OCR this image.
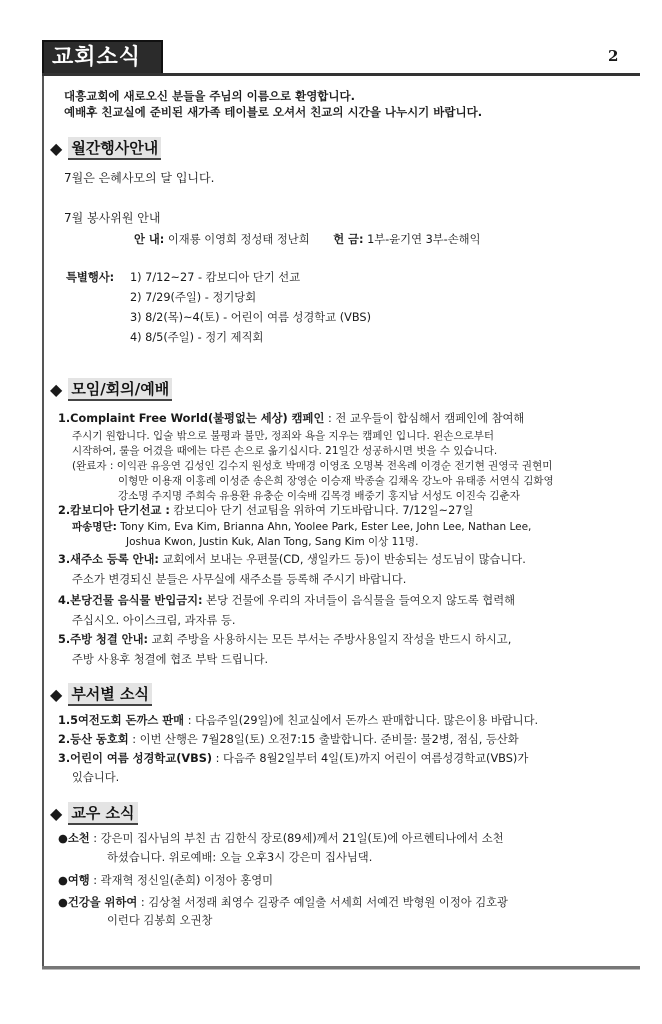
교회소식	2
대흥교회에 새로오신 분들을 주님의 이름으로 환영합니다.
예배후 친교실에 준비된 새가족 테이블로 오셔서 친교의 시간을 나누시기 바랍니다.
◆ 월간행사안내
7월은 은혜사모의 달 입니다.
7월 봉사위원 안내
안 내: 이재룡 이영희 정성태 정난희 헌 금: 1부-윤기연 3부-손해익
특별행사: 1) 7/12~27 - 캄보디아 단기 선교
2) 7/29(주일) - 정기당회
3) 8/2(목)~4(토) - 어린이 여름 성경학교 (VBS)
4) 8/5(주일) - 정기 제직회
◆ 모임/회의/예배
1.Complaint Free World(불평없는 세상) 캠페인 : 전 교우들이 합심해서 캠페인에 참여해
주시기 원합니다. 입술 밖으로 불평과 불만, 정죄와 욕을 지우는 캠페인 입니다. 왼손으로부터
시작하여, 룰을 어겼을 때에는 다른 손으로 옮기십시다. 21일간 성공하시면 벗을 수 있습니다.
(완료자 : 이익관 유응연 김성인 김수지 원성호 박매경 이영조 오명복 전옥례 이경순 전기현 권영국 권현미
이형만 이용재 이홍례 이성준 송은희 장영순 이승재 박종술 김채옥 강노아 유태종 서연식 김화영
강소명 주지명 주희숙 유용환 유충순 이숙배 김목경 배중기 홍지남 서성도 이진숙 김춘자
2.캄보디아 단기선교 : 캄보디아 단기 선교팀을 위하여 기도바랍니다. 7/12일~27일
파송명단: Tony Kim, Eva Kim, Brianna Ahn, Yoolee Park, Ester Lee, John Lee, Nathan Lee,
Joshua Kwon, Justin Kuk, Alan Tong, Sang Kim 이상 11명.
3.새주소 등록 안내: 교회에서 보내는 우편물(CD, 생일카드 등)이 반송되는 성도님이 많습니다.
주소가 변경되신 분들은 사무실에 새주소를 등록해 주시기 바랍니다.
4.본당건물 음식물 반입금지: 본당 건물에 우리의 자녀들이 음식물을 들여오지 않도록 협력해
주십시오. 아이스크림, 과자류 등.
5.주방 청결 안내: 교회 주방을 사용하시는 모든 부서는 주방사용일지 작성을 반드시 하시고,
주방 사용후 청결에 협조 부탁 드립니다.
◆ 부서별 소식
1.5여전도회 돈까스 판매 : 다음주일(29일)에 친교실에서 돈까스 판매합니다. 많은이용 바랍니다.
2.등산 동호회 : 이번 산행은 7월28일(토) 오전7:15 출발합니다. 준비물: 물2병, 점심, 등산화
3.어린이 여름 성경학교(VBS) : 다음주 8월2일부터 4일(토)까지 어린이 여름성경학교(VBS)가
있습니다.
◆ 교우 소식
●소천 : 강은미 집사님의 부친 古 김한식 장로(89세)께서 21일(토)에 아르헨티나에서 소천
하셨습니다. 위로예배: 오늘 오후3시 강은미 집사님댁.
●여행 : 곽재혁 정신일(춘희) 이정아 홍영미
●건강을 위하여 : 김상철 서정래 최영수 길광주 예일출 서세희 서예건 박형원 이정아 김호광
이런다 김봉희 오권창
